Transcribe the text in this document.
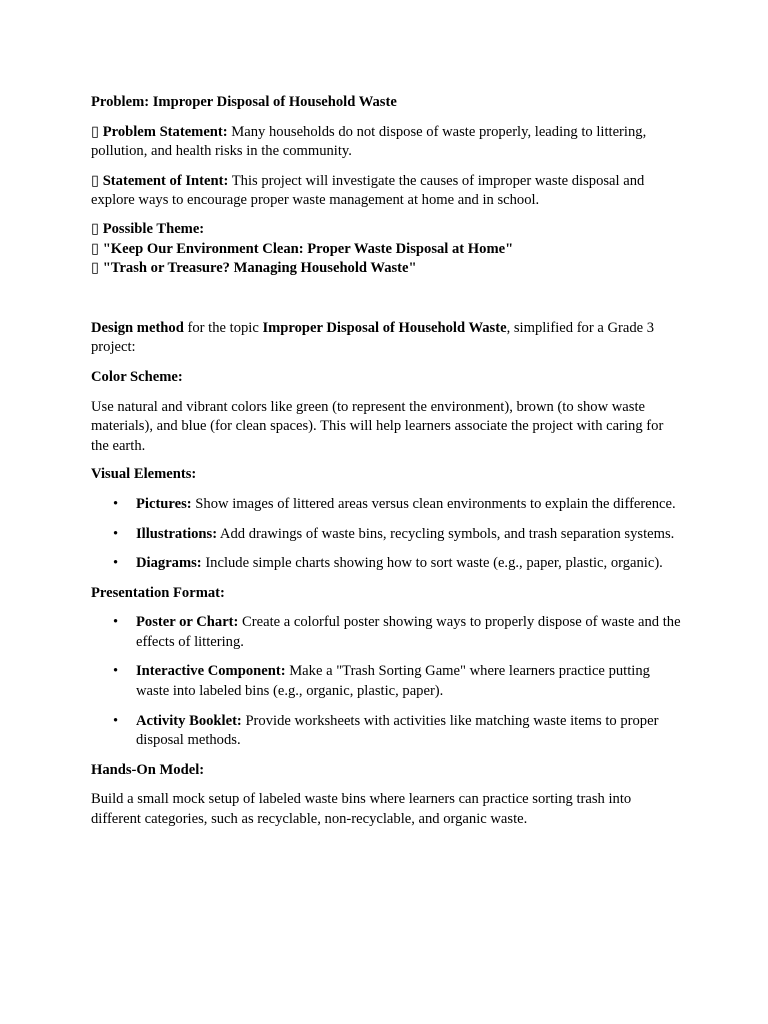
Problem: Improper Disposal of Household Waste

▯ Problem Statement: Many households do not dispose of waste properly, leading to littering, pollution, and health risks in the community.

▯ Statement of Intent: This project will investigate the causes of improper waste disposal and explore ways to encourage proper waste management at home and in school.

▯ Possible Theme:
▯ "Keep Our Environment Clean: Proper Waste Disposal at Home"
▯ "Trash or Treasure? Managing Household Waste"

Design method for the topic Improper Disposal of Household Waste, simplified for a Grade 3 project:

Color Scheme:

Use natural and vibrant colors like green (to represent the environment), brown (to show waste materials), and blue (for clean spaces). This will help learners associate the project with caring for the earth.

Visual Elements:

• Pictures: Show images of littered areas versus clean environments to explain the difference.
• Illustrations: Add drawings of waste bins, recycling symbols, and trash separation systems.
• Diagrams: Include simple charts showing how to sort waste (e.g., paper, plastic, organic).

Presentation Format:

• Poster or Chart: Create a colorful poster showing ways to properly dispose of waste and the effects of littering.
• Interactive Component: Make a "Trash Sorting Game" where learners practice putting waste into labeled bins (e.g., organic, plastic, paper).
• Activity Booklet: Provide worksheets with activities like matching waste items to proper disposal methods.

Hands-On Model:

Build a small mock setup of labeled waste bins where learners can practice sorting trash into different categories, such as recyclable, non-recyclable, and organic waste.
